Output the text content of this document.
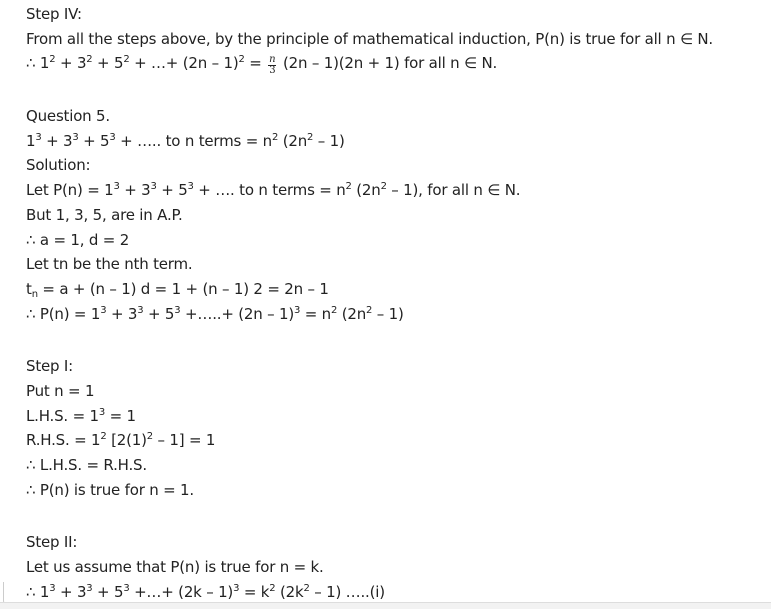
Step IV:
From all the steps above, by the principle of mathematical induction, P(n) is true for all n ∈ N.
∴ $1^2 + 3^2 + 5^2$ + …+ $(2n - 1)^2 = \frac{n}{3} (2n - 1)(2n + 1)$ for all n ∈ N.
Question 5.
$1^3 + 3^3 + 5^3$ + ….. to n terms = $n^2$ $(2n^2 - 1)$
Solution:
Let $P(n) = 1^3 + 3^3 + 5^3$ + …. to n terms = $n^2$ $(2n^2 - 1)$, for all n ∈ N.
But 1, 3, 5, are in A.P.
∴ a = 1, d = 2
Let tn be the nth term.
$t_n = a + (n - 1) d = 1 + (n - 1) 2 = 2n - 1$
∴ $P(n) = 1^3 + 3^3 + 5^3$ +…..+ $(2n - 1)^3 = n^2$ $(2n^2 - 1)$
Step I:
Put n = 1
L.H.S. = $1^3 = 1$
R.H.S. = $1^2$ $[2(1)^2 - 1] = 1$
∴ L.H.S. = R.H.S.
∴ P(n) is true for n = 1.
Step II:
Let us assume that P(n) is true for n = k.
∴ $1^3 + 3^3 + 5^3$ +…+ $(2k - 1)^3 = k^2$ $(2k^2 - 1)$ …..(i)
